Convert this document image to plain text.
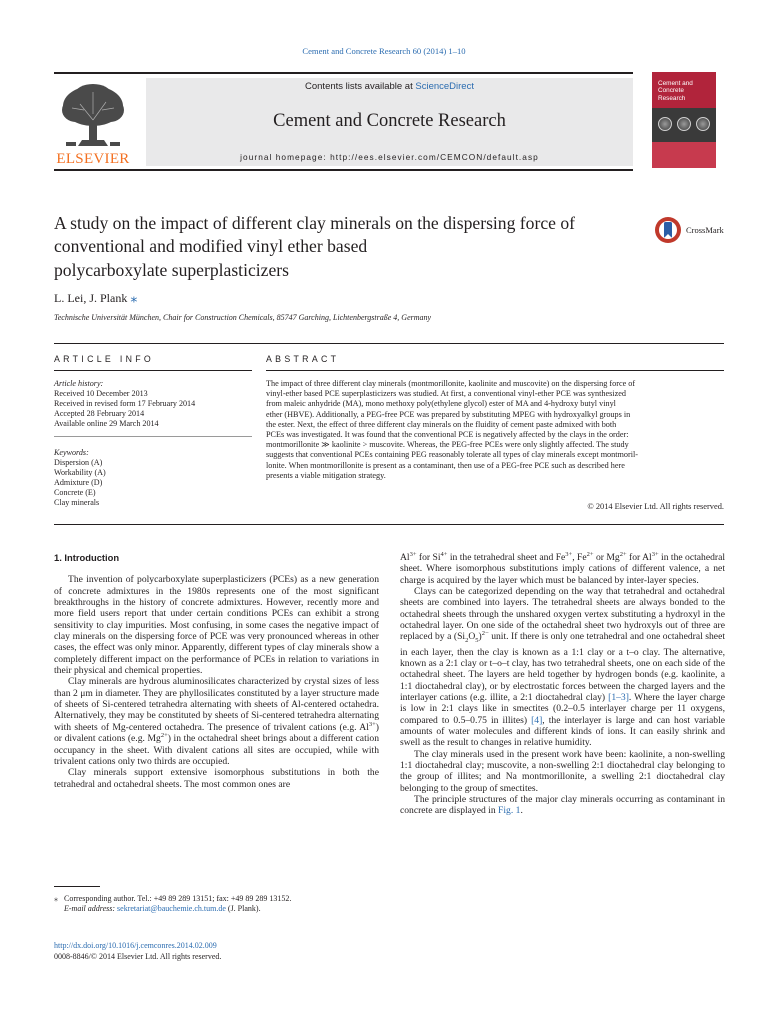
Cement and Concrete Research 60 (2014) 1–10
ELSEVIER
Contents lists available at ScienceDirect
Cement and Concrete Research
journal homepage: http://ees.elsevier.com/CEMCON/default.asp
Cement and Concrete Research
A study on the impact of different clay minerals on the dispersing force of
conventional and modified vinyl ether based
polycarboxylate superplasticizers
CrossMark
L. Lei, J. Plank ⁎
Technische Universität München, Chair for Construction Chemicals, 85747 Garching, Lichtenbergstraße 4, Germany
ARTICLE INFO	ABSTRACT
Article history:
Received 10 December 2013
Received in revised form 17 February 2014
Accepted 28 February 2014
Available online 29 March 2014
Keywords:
Dispersion (A)
Workability (A)
Admixture (D)
Concrete (E)
Clay minerals
The impact of three different clay minerals (montmorillonite, kaolinite and muscovite) on the dispersing force of
vinyl-ether based PCE superplasticizers was studied. At first, a conventional vinyl-ether PCE was synthesized
from maleic anhydride (MA), mono methoxy poly(ethylene glycol) ester of MA and 4-hydroxy butyl vinyl
ether (HBVE). Additionally, a PEG-free PCE was prepared by substituting MPEG with hydroxyalkyl groups in
the ester. Next, the effect of three different clay minerals on the fluidity of cement paste admixed with both
PCEs was investigated. It was found that the conventional PCE is negatively affected by the clays in the order:
montmorillonite ≫ kaolinite > muscovite. Whereas, the PEG-free PCEs were only slightly affected. The study
suggests that conventional PCEs containing PEG reasonably tolerate all types of clay minerals except montmoril-
lonite. When montmorillonite is present as a contaminant, then use of a PEG-free PCE such as described here
presents a viable mitigation strategy.
© 2014 Elsevier Ltd. All rights reserved.
1. Introduction

The invention of polycarboxylate superplasticizers (PCEs) as a new generation of concrete admixtures in the 1980s represents one of the most significant breakthroughs in the history of concrete admixtures. However, recently more and more field users report that under certain conditions PCEs can exhibit a strong sensitivity to clay impurities. Most confusing, in some cases the negative impact of clay minerals on the dispersing force of PCE was very pronounced whereas in other cases, the effect was only minor. Apparently, different types of clay minerals show a completely different impact on the performance of PCEs in relation to variations in their physical and chemical properties.

Clay minerals are hydrous aluminosilicates characterized by crystal sizes of less than 2 μm in diameter. They are phyllosilicates constituted by a layer structure made of sheets of Si-centered tetrahedra alternating with sheets of Al-centered octahedra. Alternatively, they may be constituted by sheets of Si-centered tetrahedra alternating with sheets of Mg-centered octahedra. The presence of trivalent cations (e.g. $Al^{3+}$) or divalent cations (e.g. $Mg^{2+}$) in the octahedral sheet brings about a different cation occupancy in the sheet. With divalent cations all sites are occupied, while with trivalent cations only two thirds are occupied.

Clay minerals support extensive isomorphous substitutions in both the tetrahedral and octahedral sheets. The most common ones are

$Al^{3+}$ for $Si^{4+}$ in the tetrahedral sheet and $Fe^{3+}$, $Fe^{2+}$ or $Mg^{2+}$ for $Al^{3+}$ in the octahedral sheet. Where isomorphous substitutions imply cations of different valence, a net charge is acquired by the layer which must be balanced by inter-layer species.

Clays can be categorized depending on the way that tetrahedral and octahedral sheets are combined into layers. The tetrahedral sheets are always bonded to the octahedral sheets through the unshared oxygen vertex substituting a hydroxyl in the octahedral layer. On one side of the octahedral sheet two hydroxyls out of three are replaced by a $(Si_2O_5)^{2-}$ unit. If there is only one tetrahedral and one octahedral sheet in each layer, then the clay is known as a 1:1 clay or a t–o clay. The alternative, known as a 2:1 clay or t–o–t clay, has two tetrahedral sheets, one on each side of the octahedral sheet. The layers are held together by hydrogen bonds (e.g. kaolinite, a 1:1 dioctahedral clay), or by electrostatic forces between the charged layers and the interlayer cations (e.g. illite, a 2:1 dioctahedral clay) [1–3]. Where the layer charge is low in 2:1 clays like in smectites (0.2–0.5 interlayer charge per 11 oxygens, compared to 0.5–0.75 in illites) [4], the interlayer is large and can host variable amounts of water molecules and different kinds of ions. It can easily shrink and swell as the result to changes in relative humidity.

The clay minerals used in the present work have been: kaolinite, a non-swelling 1:1 dioctahedral clay; muscovite, a non-swelling 2:1 dioctahedral clay belonging to the group of illites; and Na montmorillonite, a swelling 2:1 dioctahedral clay belonging to the group of smectites.

The principle structures of the major clay minerals occurring as contaminant in concrete are displayed in Fig. 1.

⁎ Corresponding author. Tel.: +49 89 289 13151; fax: +49 89 289 13152.
E-mail address: sekretariat@bauchemie.ch.tum.de (J. Plank).
http://dx.doi.org/10.1016/j.cemconres.2014.02.009
0008-8846/© 2014 Elsevier Ltd. All rights reserved.
